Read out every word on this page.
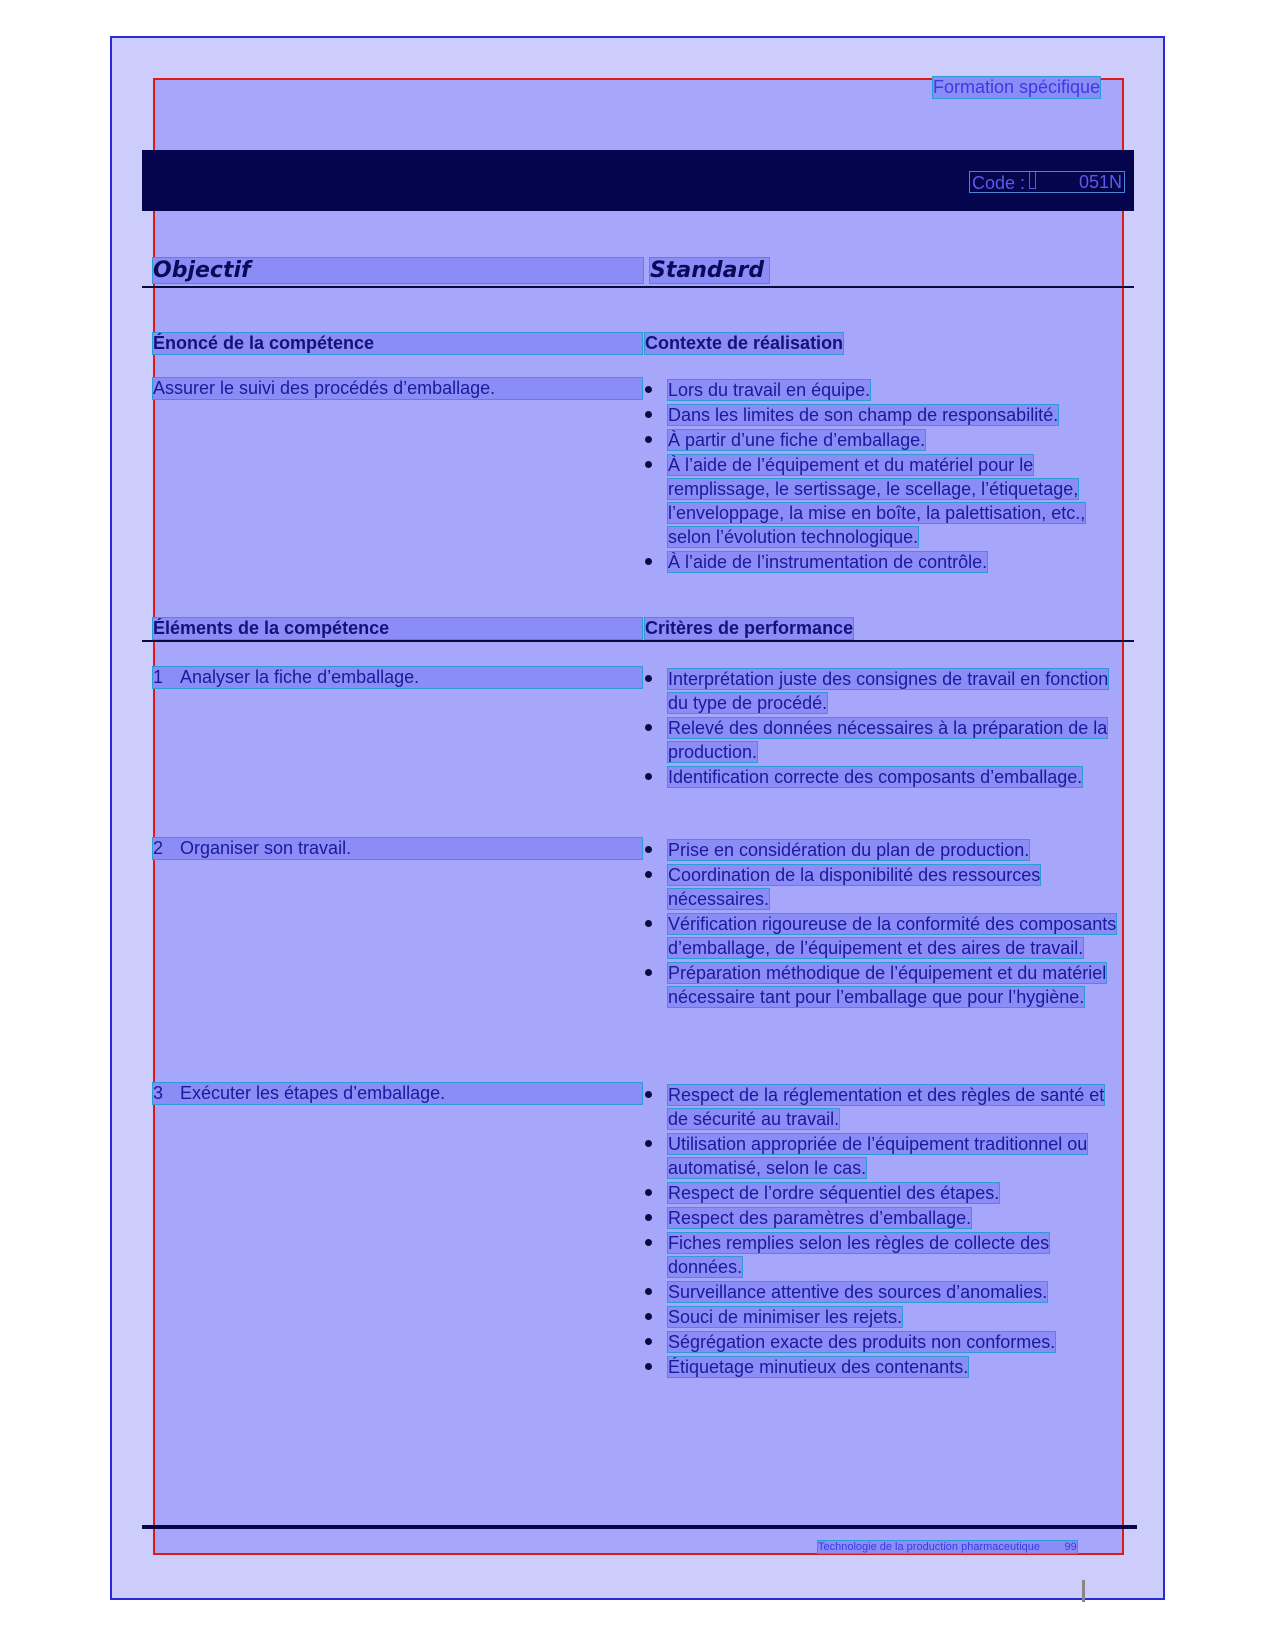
Formation spécifique
Code :	051N
Objectif	Standard
Énoncé de la compétence	Contexte de réalisation
Assurer le suivi des procédés d’emballage.	Lors du travail en équipe.
Dans les limites de son champ de responsabilité.
À partir d’une fiche d’emballage.
À l’aide de l’équipement et du matériel pour le remplissage, le sertissage, le scellage, l’étiquetage, l’enveloppage, la mise en boîte, la palettisation, etc., selon l’évolution technologique.
À l’aide de l’instrumentation de contrôle.
Éléments de la compétence	Critères de performance
1 Analyser la fiche d’emballage.	Interprétation juste des consignes de travail en fonction du type de procédé.
Relevé des données nécessaires à la préparation de la production.
Identification correcte des composants d’emballage.
2 Organiser son travail.	Prise en considération du plan de production.
Coordination de la disponibilité des ressources nécessaires.
Vérification rigoureuse de la conformité des composants d’emballage, de l’équipement et des aires de travail.
Préparation méthodique de l’équipement et du matériel nécessaire tant pour l’emballage que pour l’hygiène.
3 Exécuter les étapes d’emballage.	Respect de la réglementation et des règles de santé et de sécurité au travail.
Utilisation appropriée de l’équipement traditionnel ou automatisé, selon le cas.
Respect de l’ordre séquentiel des étapes.
Respect des paramètres d’emballage.
Fiches remplies selon les règles de collecte des données.
Surveillance attentive des sources d’anomalies.
Souci de minimiser les rejets.
Ségrégation exacte des produits non conformes.
Étiquetage minutieux des contenants.
Technologie de la production pharmaceutique 99
